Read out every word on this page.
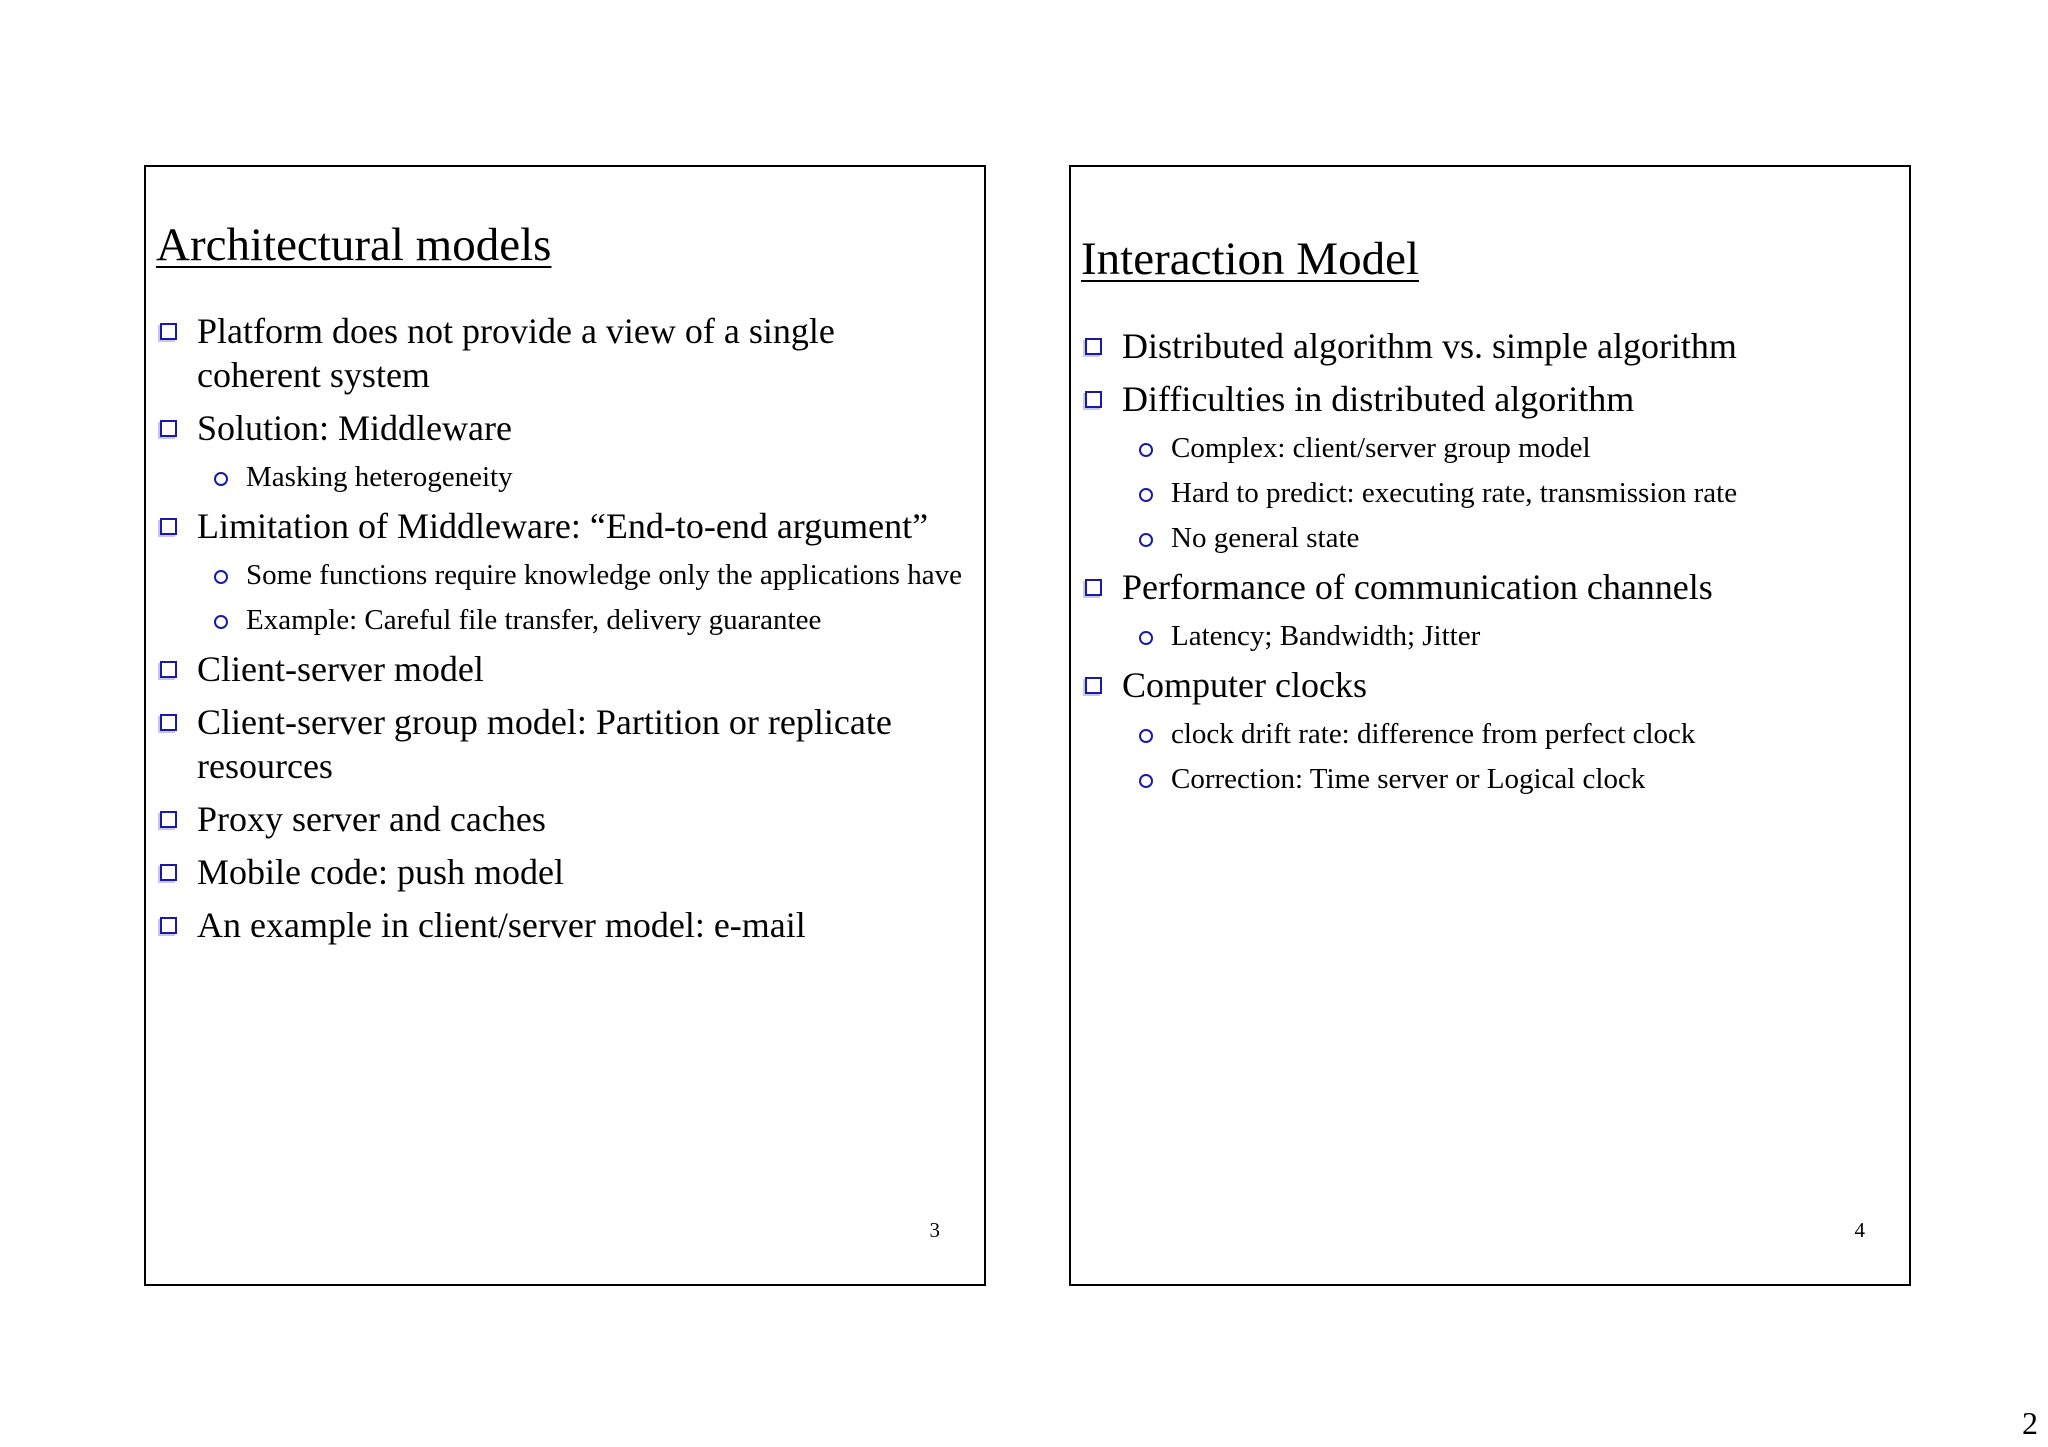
Architectural models
Platform does not provide a view of a single coherent system
Solution: Middleware
Masking heterogeneity
Limitation of Middleware: “End-to-end argument”
Some functions require knowledge only the applications have
Example: Careful file transfer, delivery guarantee
Client-server model
Client-server group model: Partition or replicate resources
Proxy server and caches
Mobile code: push model
An example in client/server model: e-mail
3
Interaction Model
Distributed algorithm vs. simple algorithm
Difficulties in distributed algorithm
Complex: client/server group model
Hard to predict: executing rate, transmission rate
No general state
Performance of communication channels
Latency; Bandwidth; Jitter
Computer clocks
clock drift rate: difference from perfect clock
Correction: Time server or Logical clock
4
2
